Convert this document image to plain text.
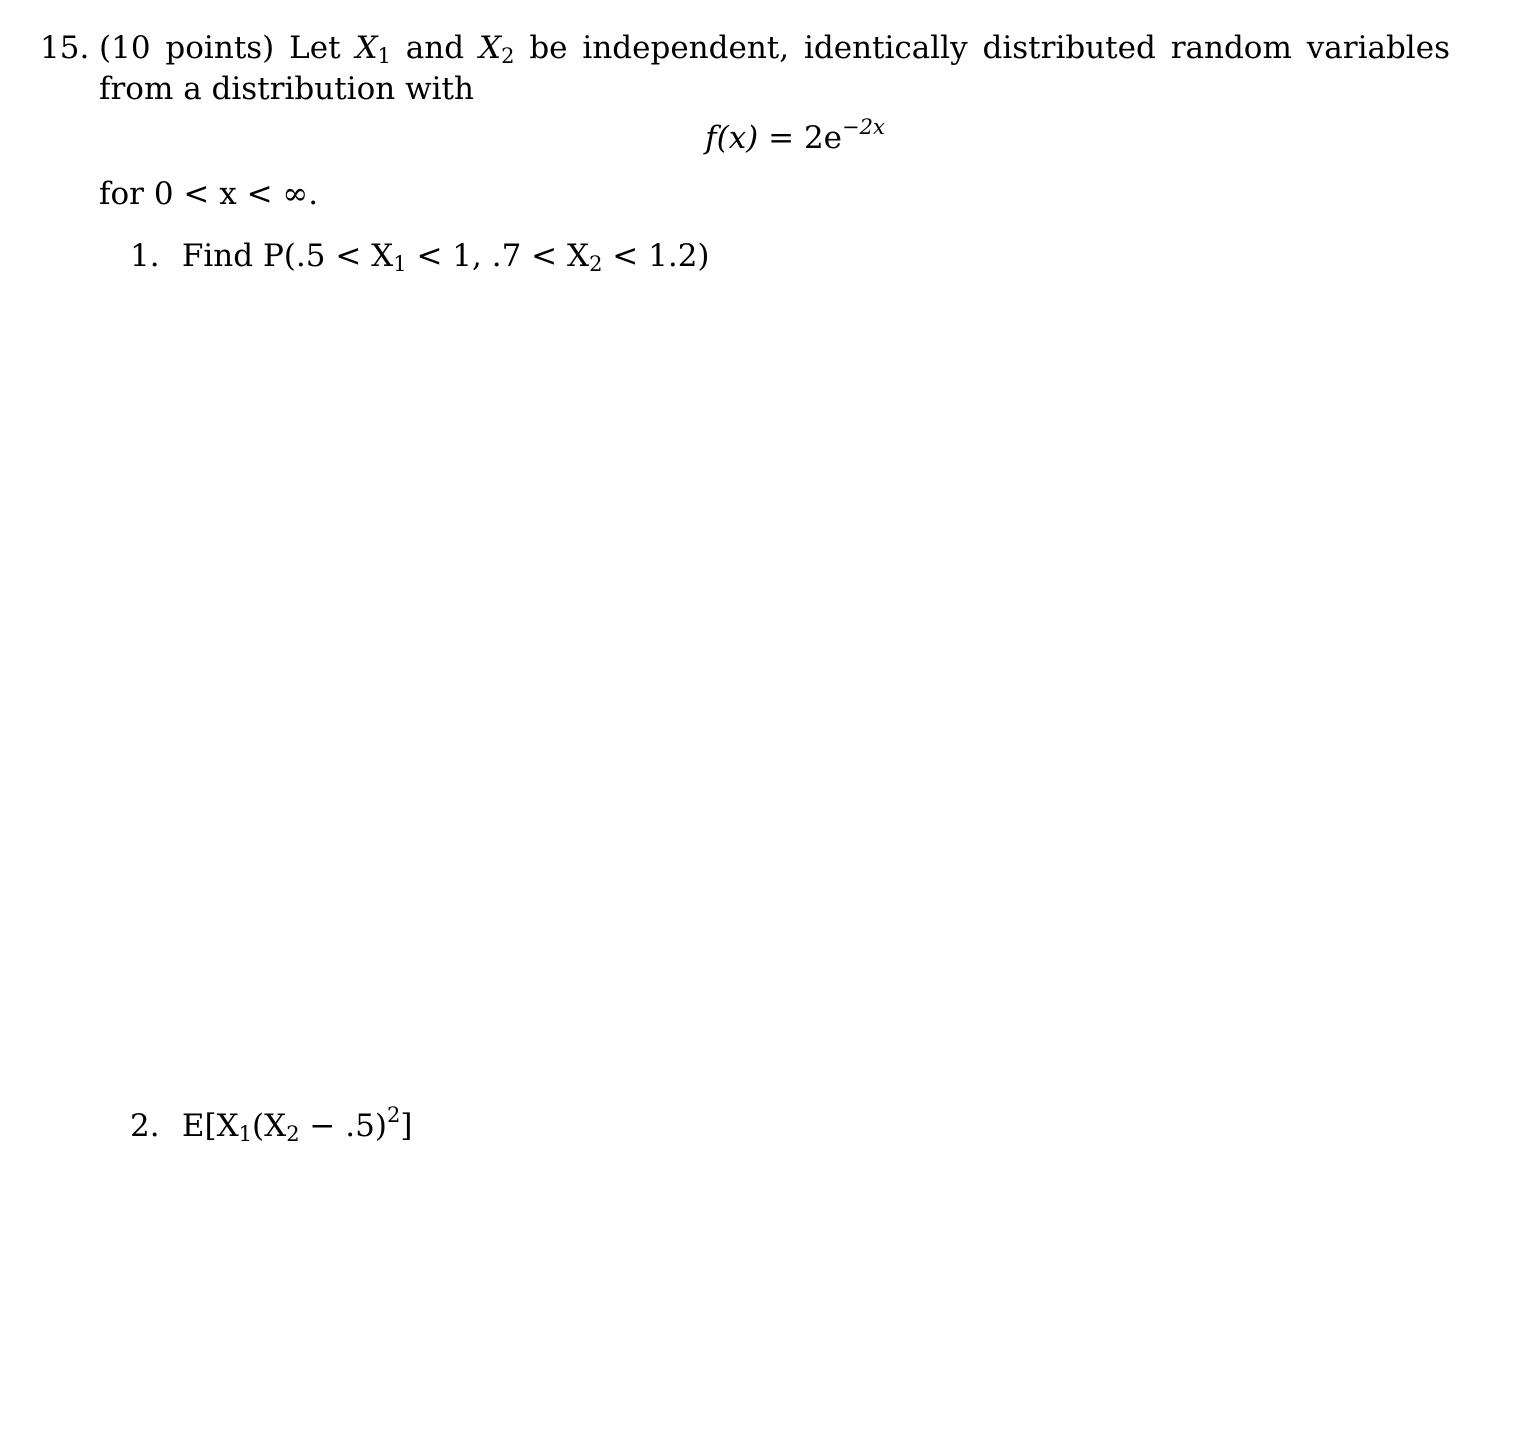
15. (10 points) Let $X_1$ and $X_2$ be independent, identically distributed random variables from a distribution with
$f(x) = 2e^{-2x}$
for 0 < x < ∞.
1. Find $P(.5 < X_1 < 1$, $.7 < X_2 < 1.2$)
2. $E[X_1(X_2 - .5)^2]$
